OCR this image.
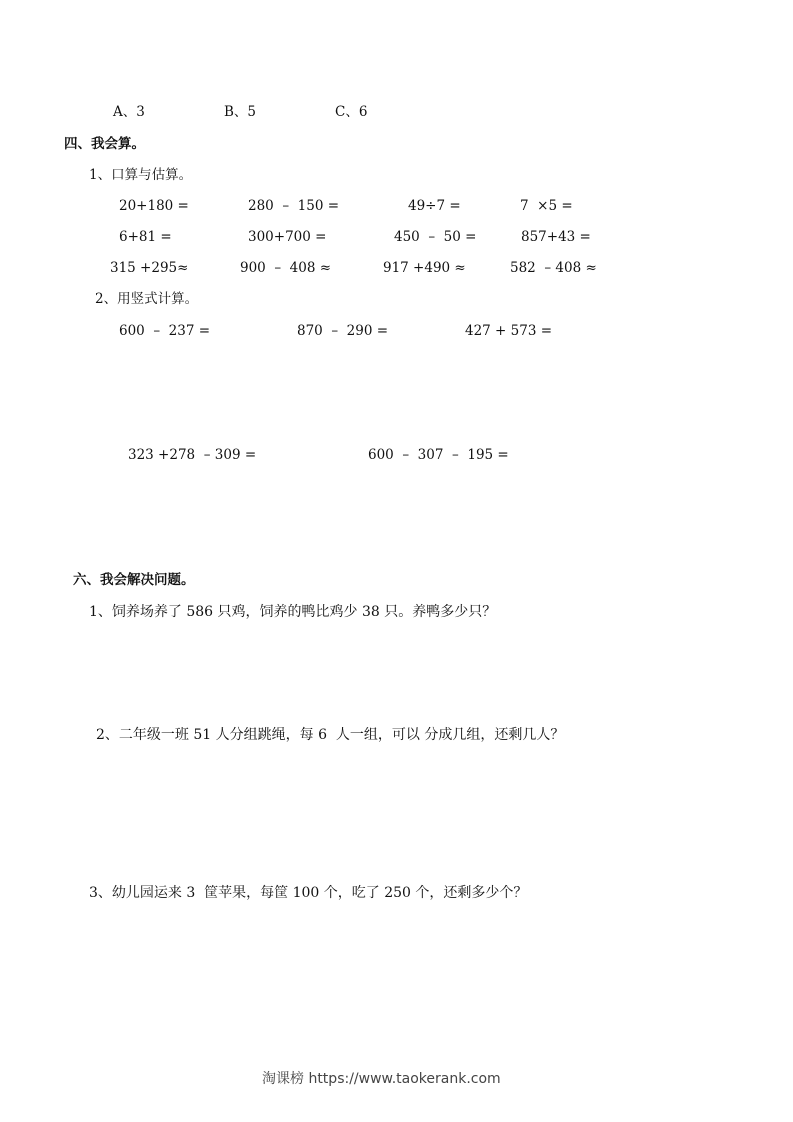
A、3	B、5	C、6
四、我会算。
1、口算与估算。
20+180 =	280  –  150 =	49÷7 =	7  ×5 =
6+81 =	300+700 =	450  –  50 =	857+43 =
315 +295≈	900  –  408 ≈	917 +490 ≈	582  – 408 ≈
2、用竖式计算。
600  –  237 =	870  –  290 =	427 + 573 =
323 +278  – 309 =	600  –  307  –  195 =
六、我会解决问题。
1、饲养场养了 586 只鸡，饲养的鸭比鸡少 38 只。养鸭多少只？
2、二年级一班 51 人分组跳绳，每 6  人一组，可以 分成几组，还剩几人？
3、幼儿园运来 3  筐苹果，每筐 100 个，吃了 250 个，还剩多少个？
淘课榜 https://www.taokerank.com
